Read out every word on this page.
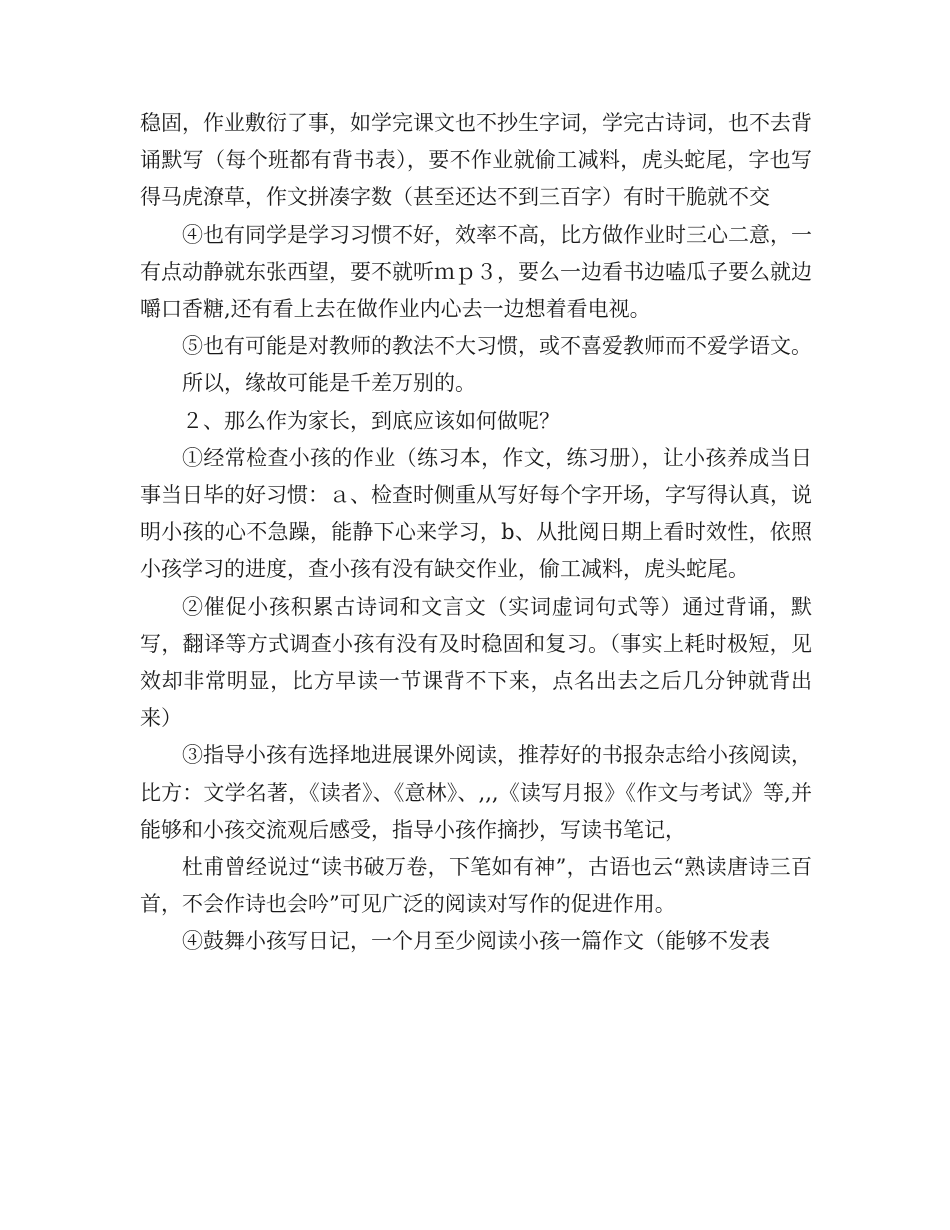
稳固，作业敷衍了事，如学完课文也不抄生字词，学完古诗词，也不去背诵默写（每个班都有背书表），要不作业就偷工减料，虎头蛇尾，字也写得马虎潦草，作文拼凑字数（甚至还达不到三百字）有时干脆就不交

④也有同学是学习习惯不好，效率不高，比方做作业时三心二意，一有点动静就东张西望，要不就听ｍｐ３，要么一边看书边嗑瓜子要么就边嚼口香糖,还有看上去在做作业内心去一边想着看电视。

⑤也有可能是对教师的教法不大习惯，或不喜爱教师而不爱学语文。

所以，缘故可能是千差万别的。

２、那么作为家长，到底应该如何做呢？

①经常检查小孩的作业（练习本，作文，练习册），让小孩养成当日事当日毕的好习惯：ａ、检查时侧重从写好每个字开场，字写得认真，说明小孩的心不急躁，能静下心来学习，b、从批阅日期上看时效性，依照小孩学习的进度，查小孩有没有缺交作业，偷工减料，虎头蛇尾。

②催促小孩积累古诗词和文言文（实词虚词句式等）通过背诵，默写，翻译等方式调查小孩有没有及时稳固和复习。（事实上耗时极短，见效却非常明显，比方早读一节课背不下来，点名出去之后几分钟就背出来）

③指导小孩有选择地进展课外阅读，推荐好的书报杂志给小孩阅读，比方：文学名著，《读者》、《意林》、,,,《读写月报》《作文与考试》等,并能够和小孩交流观后感受，指导小孩作摘抄，写读书笔记，

杜甫曾经说过“读书破万卷，下笔如有神”，古语也云“熟读唐诗三百首，不会作诗也会吟”可见广泛的阅读对写作的促进作用。

④鼓舞小孩写日记，一个月至少阅读小孩一篇作文（能够不发表
